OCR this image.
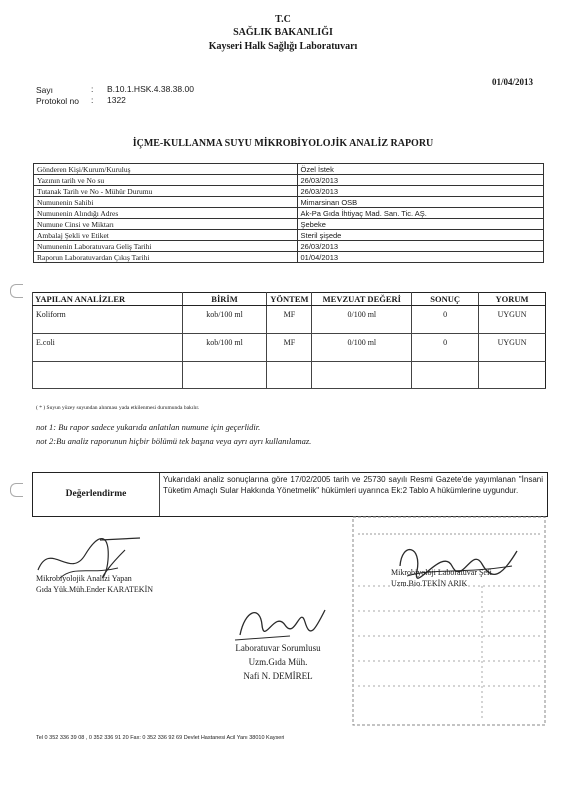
T.C
SAĞLIK BAKANLIĞI
Kayseri Halk Sağlığı Laboratuvarı
Sayı	: B.10.1.HSK.4.38.38.00
Protokol no : 1322
01/04/2013
İÇME-KULLANMA SUYU MİKROBİYOLOJİK ANALİZ RAPORU
Gönderen Kişi/Kurum/Kuruluş	Özel İstek
Yazının tarih ve No su	26/03/2013
Tutanak Tarih ve No - Mühür Durumu	26/03/2013
Numunenin Sahibi	Mimarsinan OSB
Numunenin Alındığı Adres	Ak-Pa Gıda İhtiyaç Mad. San. Tic. AŞ.
Numune Cinsi ve Miktarı	Şebeke
Ambalaj Şekli ve Etiket	Steril şişede
Numunenin Laboratuvara Geliş Tarihi	26/03/2013
Raporun Laboratuvardan Çıkış Tarihi	01/04/2013
YAPILAN ANALİZLER	BİRİM	YÖNTEM	MEVZUAT DEĞERİ	SONUÇ	YORUM
Koliform	kob/100 ml	MF	0/100 ml	0	UYGUN
E.coli	kob/100 ml	MF	0/100 ml	0	UYGUN

( * ) Suyun yüzey suyundan alınması yada etkilenmesi durumunda bakılır.
not 1: Bu rapor sadece yukarıda anlatılan numune için geçerlidir.
not 2:Bu analiz raporunun hiçbir bölümü tek başına veya ayrı ayrı kullanılamaz.
Değerlendirme
Yukarıdaki analiz sonuçlarına göre 17/02/2005 tarih ve 25730 sayılı Resmi Gazete'de yayımlanan "İnsani Tüketim Amaçlı Sular Hakkında Yönetmelik" hükümleri uyarınca Ek:2 Tablo A hükümlerine uygundur.
Mikrobiyolojik Analizi Yapan
Gıda Yük.Müh.Ender KARATEKİN
Mikrobiyoloji Laboratuvar Şefi
Uzm.Bio.TEKİN ARIK
Laboratuvar Sorumlusu
Uzm.Gıda Müh.
Nafi N. DEMİREL
Tel 0 352 336 39 08 , 0 352 336 91 20 Fax: 0 352 336 92 69 Devlet Hastanesi Acil Yanı 38010 Kayseri
